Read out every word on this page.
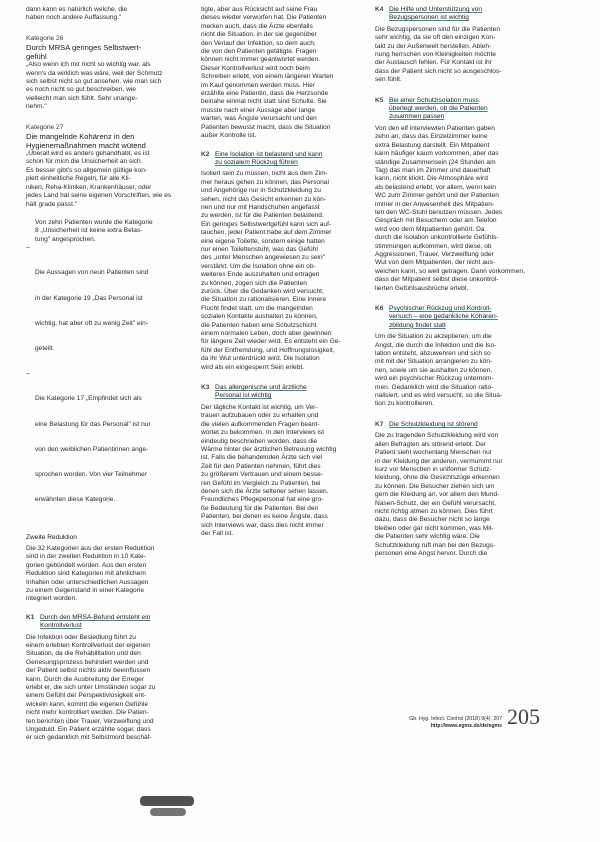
dann kann es natürlich welche, die
haben noch andere Auffassung."
Kategorie 26
Durch MRSA geringes Selbstwert-
gefühl
„Also wenn ich mir nicht so wichtig war, als
wenn's da wirklich was wäre, weil der Schmutz
sich selbst nicht so gut ansehen. wie man sich
es noch nicht so gut beschreiben, wie
vielleicht man sich fühlt. Sehr unange-
nehm."
Kategorie 27
Die mangelnde Kohärenz in den
Hygienemaßnahmen macht wütend
„Überall wird es anders gehandhabt, es ist
schon für mich die Unsicherheit an sich.
Es besser gibt's so allgemein gültige kon-
plett einheitliche Regeln, für alle Kli-
niken, Reha-Kliniken, Krankenhäuser, oder
jedes Land hat seine eigenen Vorschriften, wie es
hält grade passt."
Von zehn Patienten wurde die Kategorie
8 „Unsicherheit ist keine extra Belas-
tung" angesprochen.

–

Die Aussagen von neun Patienten sind

in der Kategorie 19 „Das Personal ist

wichtig, hat aber oft zu wenig Zeit" ein-

geteilt.

–

Die Kategorie 17 „Empfindet sich als

eine Belastung für das Personal" ist nur

von den weiblichen Patientinnen ange-

sprochen worden. Von vier Teilnehmer

erwähnten diese Kategorie.

Zweite Reduktion
Die 32 Kategorien aus der ersten Reduktion
sind in der zweiten Reduktion in 10 Kate-
gorien gebündelt worden. Aus den ersten
Reduktion sind Kategorien mit ähnlichem
Inhalten oder unterschiedlichen Aussagen
zu einem Gegenstand in einer Kategorie
integriert worden.
K1 Durch den MRSA-Befund entsteht ein
Kontrollverlust
Die Infektion oder Besiedlung führt zu
einem erlebten Kontrollverlust der eigenen
Situation, da die Rehabilitation und den
Genesungsprozess behindert werden und
der Patient selbst nichts aktiv beeinflussen
kann. Durch die Ausbreitung der Erreger
erlebt er, die sich unter Umständen sogar zu
einem Gefühl der Perspektivlosigkeit ent-
wickeln kann, kommt die eigenen Gefühle
nicht mehr kontrolliert werden. Die Patien-
ten berichten über Trauer, Verzweiflung und
Ungeduld. Ein Patient erzählte sogar, dass
er sich gedanklich mit Selbstmord beschäf-
tigte, aber aus Rücksicht auf seine Frau
dieses wieder verworfen hat. Die Patienten
merken auch, dass die Ärzte ebenfalls
nicht die Situation, in der sie gegenüber
den Verlauf der Infektion, so dem auch,
die von den Patienten getätigte. Fragen
können nicht immer geantwortet werden.
Dieser Kontrollverlust wird noch beim
Schreiben erlebt, von einem längeren Warten
im Kauf genommen werden muss. Hier
erzählte eine Patientin, dass die Herzsonde
beinahe einmal nicht statt sind Schulte. Sie
musste nach einer Aussage aber lange
warten, was Ängste verursacht und den
Patienten bewusst macht, dass die Situation
außer Kontrolle ist.
K2 Eine Isolation ist belastend und kann
zu sozialem Rückzug führen
Isoliert sein zu müssen, nicht aus dem Zim-
mer heraus gehen zu können, das Personal
und Angehörige nur in Schutzkleidung zu
sehen, nicht das Gesicht erkennen zu kön-
nen und nur mit Handschuhen angefasst
zu werden, ist für die Patienten belastend.
Ein geringes Selbstwertgefühl kann sich auf-
tauchen, jeder Patient habe auf dem Zimmer
eine eigene Toilette, sondern einige hatten
nur einen Toilettenstuhl, was das Gefühl
des „unter Menschen angewiesen zu sein"
verstärkt. Um die Isolation ohne ein ob-
weiteres Ende auszuhalten und ertragen
zu können, zogen sich die Patienten
zurück. Über die Gedanken wird versucht,
die Situation zu rationalisieren. Eine innere
Flucht findet statt, um die mangelnden
sozialen Kontakte aushalten zu können,
die Patienten haben eine Schutzschicht
einem normalen Leben, doch aber gewinnen
für längere Zeit wieder wird. Es entsteht ein Ge-
fühl der Entfremdung, und Hoffnungslosigkeit,
da ihr Wut unterdrückt wird. Die Isolation
wird als ein eingesperrt Sein erlebt.
K3 Das allergenische und ärztliche
Personal ist wichtig
Der tägliche Kontakt ist wichtig, um Ver-
trauen aufzubauen oder zu erhalten und
die vielen aufkommenden Fragen beant-
wortet zu bekommen. In den Interviews ist
eindeutig beschrieben worden, dass die
Wärme hinter der ärztlichen Betreuung wichtig
ist. Falls die behandelnden Ärzte sich viel
Zeit für den Patienten nehmen, führt dies
zu größerem Vertrauen und einem besse-
ren Gefühl im Vergleich zu Patienten, bei
denen sich die Ärzte seltener sehen lassen.
Freundliches Pflegepersonal hat eine gro-
ße Bedeutung für die Patienten. Bei den
Patienten, bei denen es keine Ängste, dass
sich Interviews war, dass dies nicht immer
der Fall ist.
K4 Die Hilfe und Unterstützung von
Bezugspersonen ist wichtig
Die Bezugspersonen sind für die Patienten
sehr wichtig, da sie oft den einzigen Kon-
takt zu der Außenwelt herstellen. Ableh-
nung herrschen von Kleinigkeiten möchte
der Austausch fehlen. Für Kontakt ist ihr
dass der Patient sich nicht so ausgeschlos-
sen fühlt.
K5 Bei einer Schutzisolation muss
überlegt werden, ob die Patienten
zusammen passen
Von den elf interviewten Patienten gaben
zehn an, dass das Einzelzimmer keine
extra Belastung darstellt. Ein Mitpatient
kann häufiger kaum vorkommen, aber das
ständige Zusammensein (24 Stunden am
Tag) das man im Zimmer und dauerhaft
kann, nicht klickt. Die Atmosphäre wird
als belastend erlebt, vor allem, wenn kein
WC zum Zimmer gehört und der Patienten
immer in der Anwesenheit des Mitpatien-
ten den WC-Stuhl benutzen müssen. Jedes
Gespräch mit Besuchern oder am Telefon
wird von dem Mitpatienten gehört. Da
durch die Isolation unkontrollierte Gefühls-
stimmungen aufkommen, wird diese, ob
Aggressionen, Trauer, Verzweiflung oder
Wut von dem Mitpatienten, der nicht aus-
weichen kann, so weit getragen. Dann vorkommen,
dass der Mitpatient selbst diese unkontrol-
lierten Gefühlsausbrüche erlebt.
K6 Psychischer Rückzug und Kontroll-
versuch – eine gedankliche Kohären-
zbildung findet statt
Um die Situation zu akzeptieren, um die
Angst, die durch die Infektion und die Iso-
lation entsteht, abzuwehren und sich so
mit mit der Situation arrangieren zu kön-
nen, sowie um sie aushalten zu können,
wird ein psychischer Rückzug unternom-
men. Gedanklich wird die Situation ratio-
nalisiert, und es wird versucht, so die Situa-
tion zu kontrollieren.
K7 Die Schutzkleidung ist störend
Die zu tragenden Schutzkleidung wird von
allen Befragten als störend erlebt. Der
Patient sieht wochenlang Menschen nur
in der Kleidung der anderen, vermummt nur
kurz vor Menschen in uniformer Schutz-
kleidung, ohne die Gesichtszüge erkennen
zu können. Die Besucher ziehen sich um
gern die Kleidung an, vor allem den Mund-
Nasen-Schutz, der ein Gefühl verursacht,
nicht richtig atmen zu können. Dies führt
dazu, dass die Besucher nicht so lange
bleiben oder gar nicht kommen, was Mit-
die Patienten sehr wichtig wäre. Die
Schutzkleidung ruft man bei den Bezugs-
personen eine Angst hervor. Durch die
205
Gb. Hyg. Infect. Control (2018) 9(4), 207
http://www.egms.de/de/egms
